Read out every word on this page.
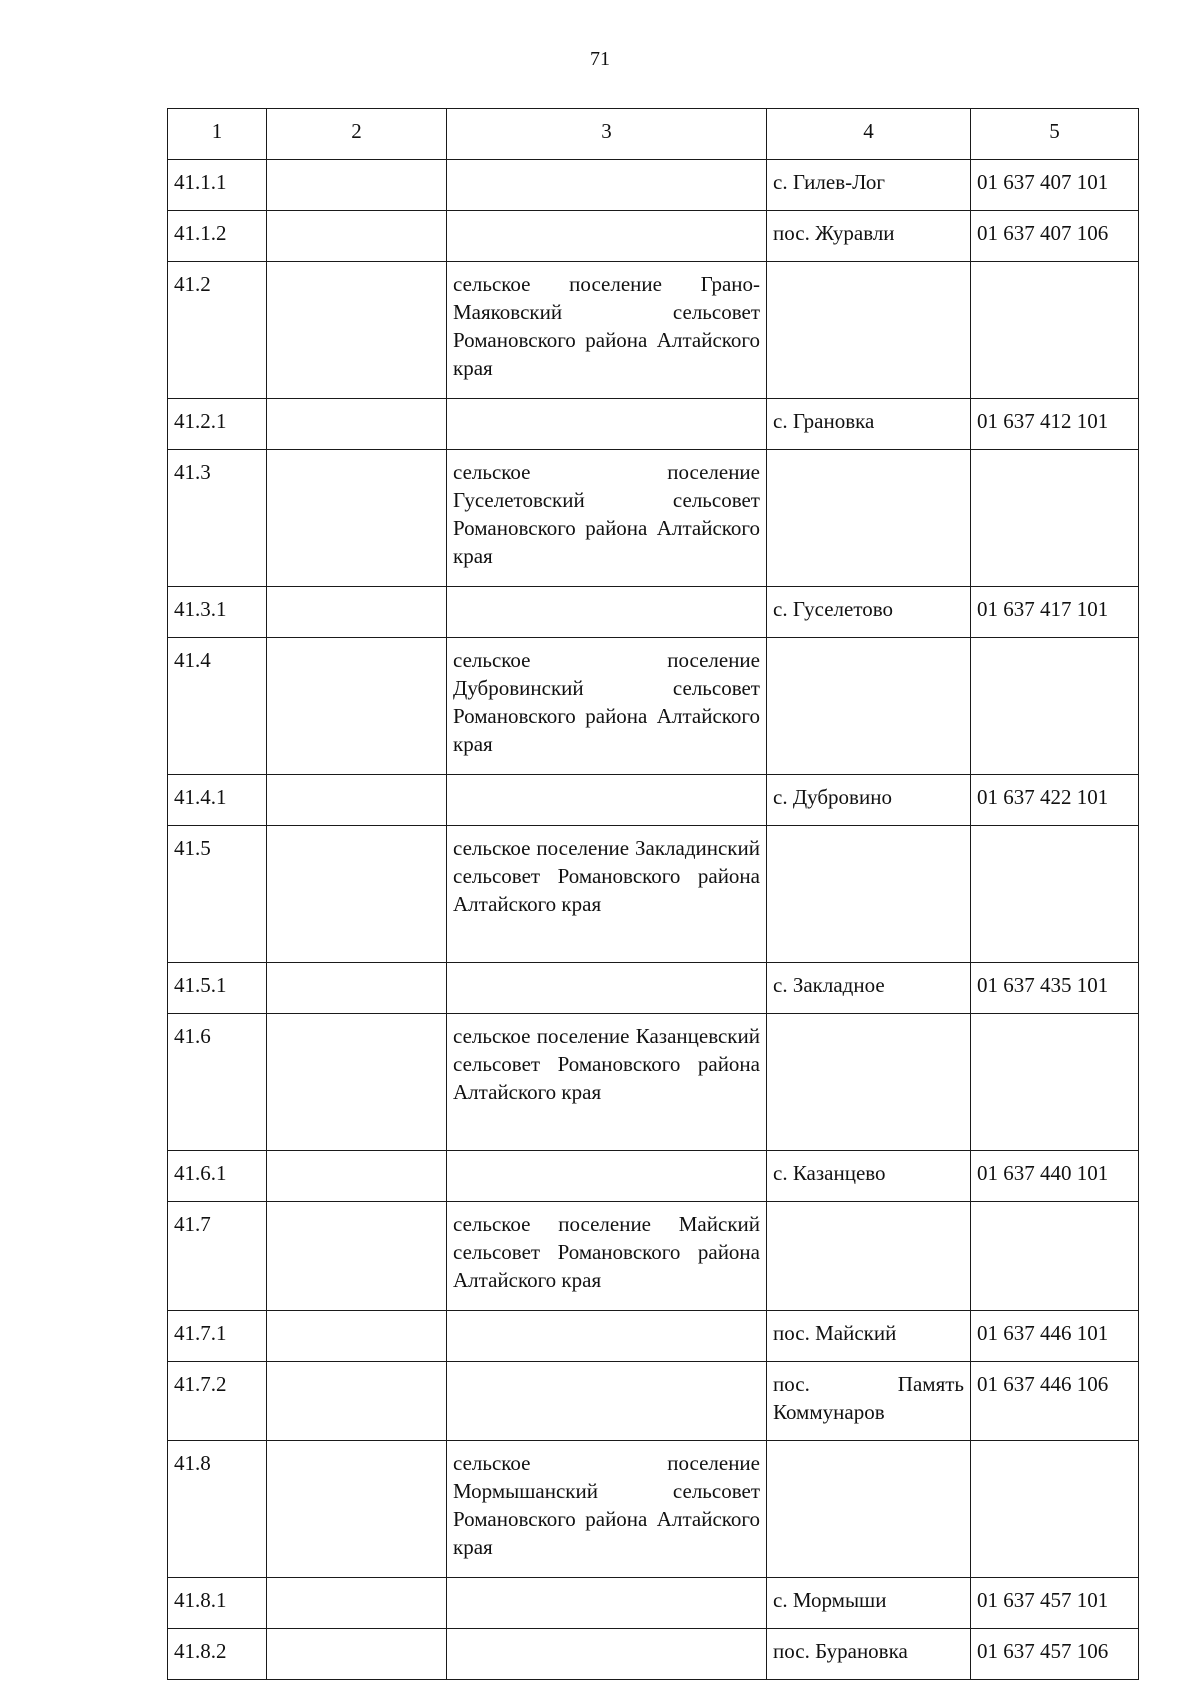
71
1	2	3	4	5
41.1.1			с. Гилев-Лог	01 637 407 101
41.1.2			пос. Журавли	01 637 407 106
41.2		сельское поселение Грано-Маяковский сельсовет Романовского района Алтайского края		
41.2.1			с. Грановка	01 637 412 101
41.3		сельское поселение Гуселетовский сельсовет Романовского района Алтайского края		
41.3.1			с. Гуселетово	01 637 417 101
41.4		сельское поселение Дубровинский сельсовет Романовского района Алтайского края		
41.4.1			с. Дубровино	01 637 422 101
41.5		сельское поселение Закладинский сельсовет Романовского района Алтайского края		
41.5.1			с. Закладное	01 637 435 101
41.6		сельское поселение Казанцевский сельсовет Романовского района Алтайского края		
41.6.1			с. Казанцево	01 637 440 101
41.7		сельское поселение Майский сельсовет Романовского района Алтайского края		
41.7.1			пос. Майский	01 637 446 101
41.7.2			пос. Память Коммунаров	01 637 446 106
41.8		сельское поселение Мормышанский сельсовет Романовского района Алтайского края		
41.8.1			с. Мормыши	01 637 457 101
41.8.2			пос. Бурановка	01 637 457 106
